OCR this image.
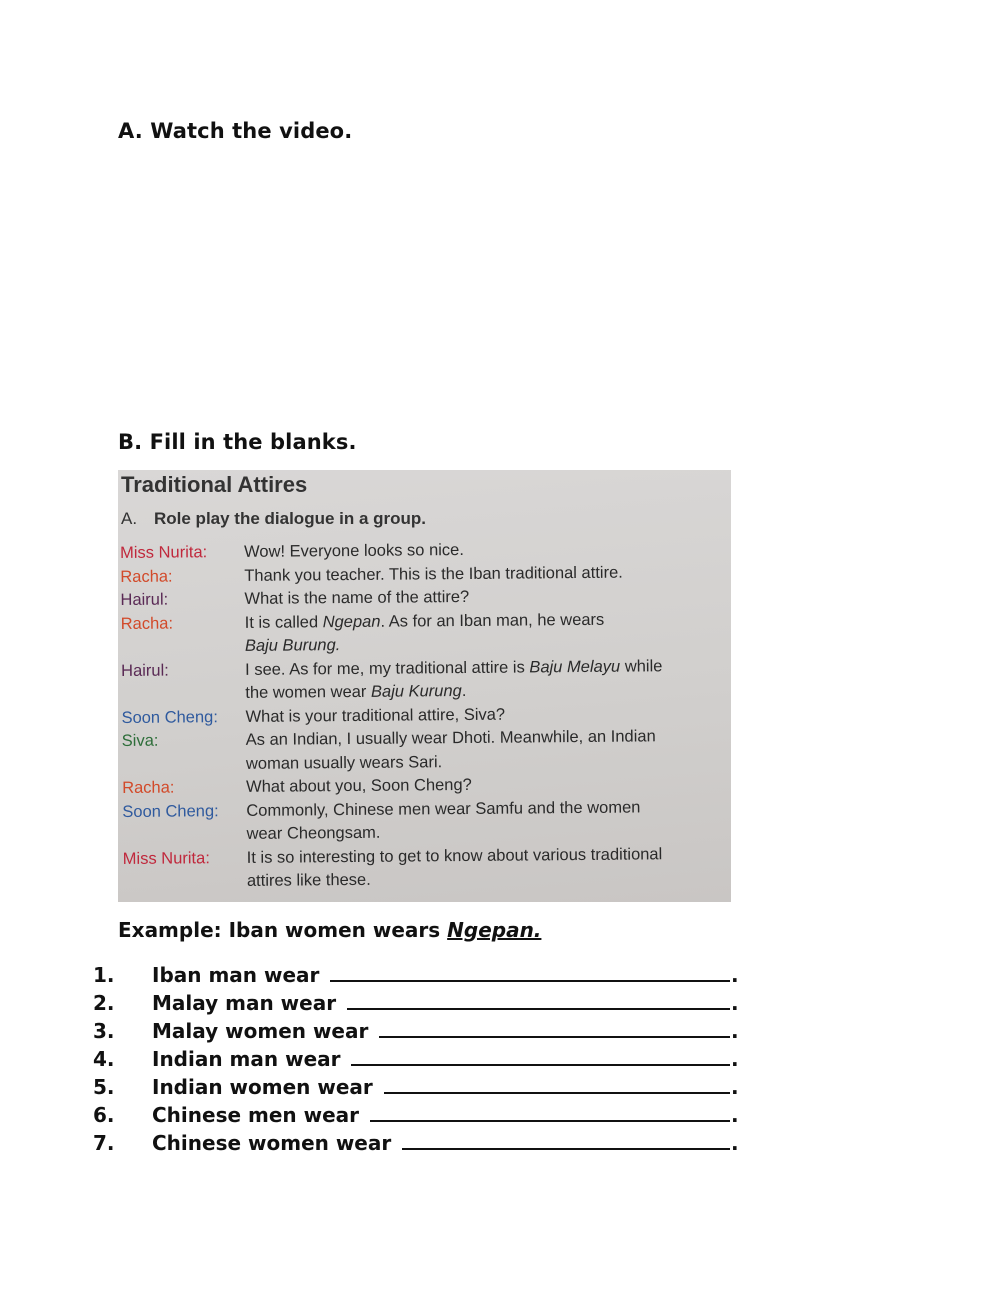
A. Watch the video.
B. Fill in the blanks.
Traditional Attires
A. Role play the dialogue in a group.
Miss Nurita:	Wow! Everyone looks so nice.
Racha:	Thank you teacher. This is the Iban traditional attire.
Hairul:	What is the name of the attire?
Racha:	It is called Ngepan. As for an Iban man, he wears
Baju Burung.
Hairul:	I see. As for me, my traditional attire is Baju Melayu while
the women wear Baju Kurung.
Soon Cheng:	What is your traditional attire, Siva?
Siva:	As an Indian, I usually wear Dhoti. Meanwhile, an Indian
woman usually wears Sari.
Racha:	What about you, Soon Cheng?
Soon Cheng:	Commonly, Chinese men wear Samfu and the women
wear Cheongsam.
Miss Nurita:	It is so interesting to get to know about various traditional
attires like these.
Example: Iban women wears Ngepan.
1.	Iban man wear	.
2.	Malay man wear	.
3.	Malay women wear	.
4.	Indian man wear	.
5.	Indian women wear	.
6.	Chinese men wear	.
7.	Chinese women wear	.
